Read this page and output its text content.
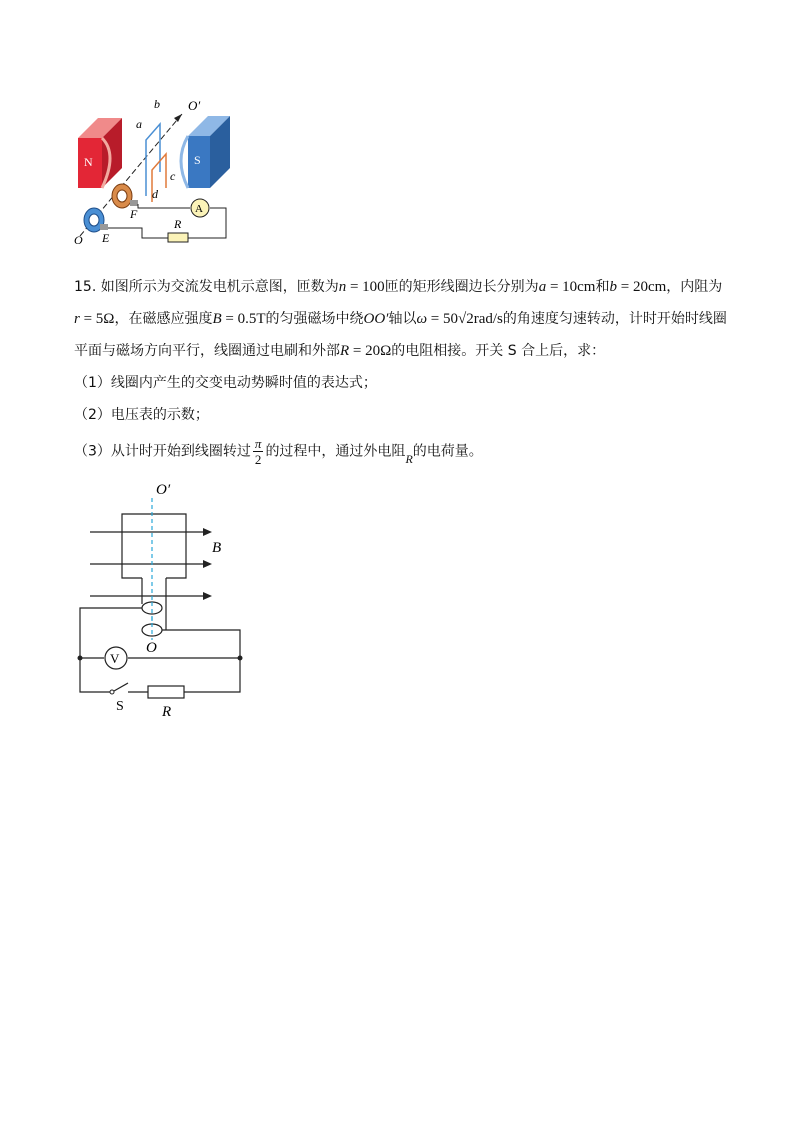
N	S
A
b O′
a
c
d
F
R
O E
15. 如图所示为交流发电机示意图，匝数为n = 100匝的矩形线圈边长分别为a = 10cm和b = 20cm，内阻为
r = 5Ω，在磁感应强度B = 0.5T的匀强磁场中绕OO′轴以ω = 50√2rad/s的角速度匀速转动，计时开始时线圈
平面与磁场方向平行，线圈通过电刷和外部R = 20Ω的电阻相接。开关 S 合上后，求：
（1）线圈内产生的交变电动势瞬时值的表达式；
（2）电压表的示数；
（3）从计时开始到线圈转过 $\frac{\pi}{2}$ 的过程中，通过外电阻R的电荷量。
V
O′
B
O
S	R
